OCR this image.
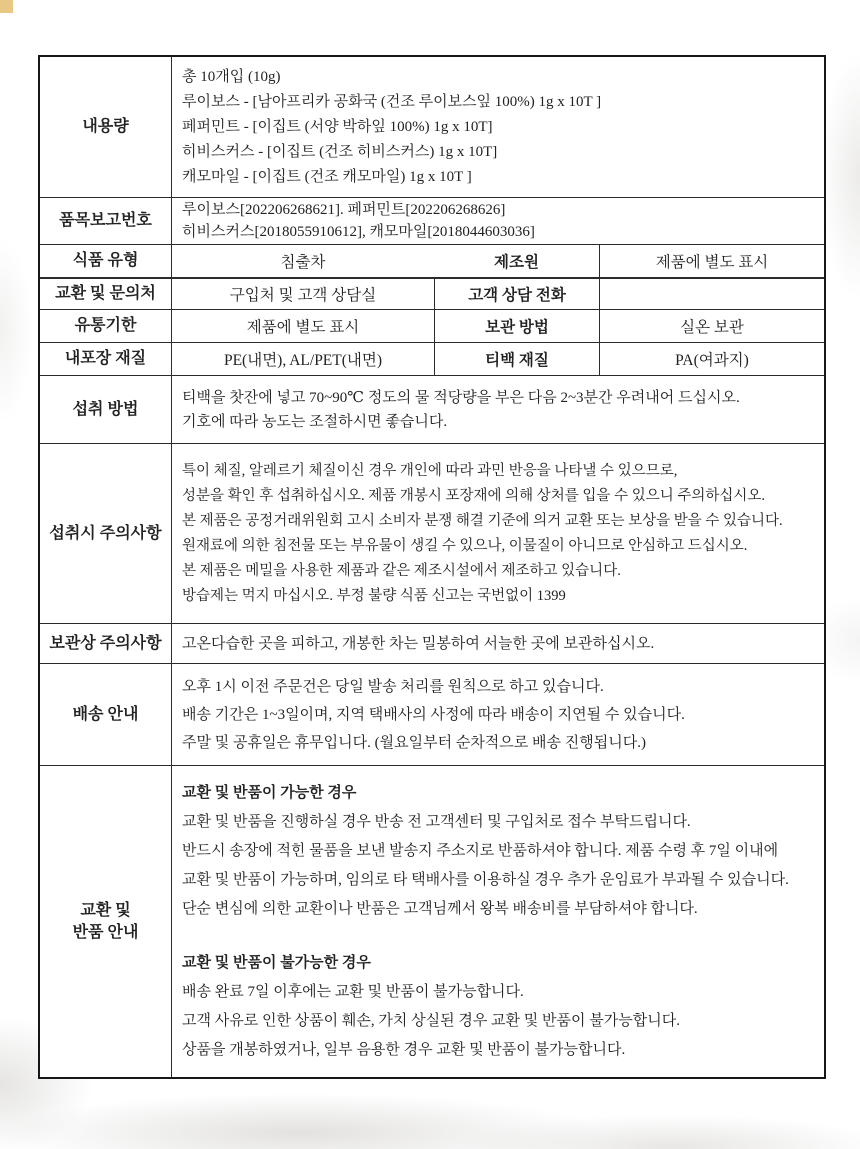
내용량
총 10개입 (10g)
루이보스 - [남아프리카 공화국 (건조 루이보스잎 100%) 1g x 10T ]
페퍼민트 - [이집트 (서양 박하잎 100%) 1g x 10T]
히비스커스 - [이집트 (건조 히비스커스) 1g x 10T]
캐모마일 - [이집트 (건조 캐모마일) 1g x 10T ]
품목보고번호
루이보스[202206268621]. 페퍼민트[202206268626]
히비스커스[2018055910612], 캐모마일[2018044603036]
식품 유형	침출차	제조원	제품에 별도 표시
교환 및 문의처	구입처 및 고객 상담실	고객 상담 전화
유통기한	제품에 별도 표시	보관 방법	실온 보관
내포장 재질	PE(내면), AL/PET(내면)	티백 재질	PA(여과지)
섭취 방법
티백을 찻잔에 넣고 70~90℃ 정도의 물 적당량을 부은 다음 2~3분간 우려내어 드십시오.
기호에 따라 농도는 조절하시면 좋습니다.
섭취시 주의사항
특이 체질, 알레르기 체질이신 경우 개인에 따라 과민 반응을 나타낼 수 있으므로,
성분을 확인 후 섭취하십시오. 제품 개봉시 포장재에 의해 상처를 입을 수 있으니 주의하십시오.
본 제품은 공정거래위원회 고시 소비자 분쟁 해결 기준에 의거 교환 또는 보상을 받을 수 있습니다.
원재료에 의한 침전물 또는 부유물이 생길 수 있으나, 이물질이 아니므로 안심하고 드십시오.
본 제품은 메밀을 사용한 제품과 같은 제조시설에서 제조하고 있습니다.
방습제는 먹지 마십시오. 부정 불량 식품 신고는 국번없이 1399
보관상 주의사항 고온다습한 곳을 피하고, 개봉한 차는 밀봉하여 서늘한 곳에 보관하십시오.
배송 안내
오후 1시 이전 주문건은 당일 발송 처리를 원칙으로 하고 있습니다.
배송 기간은 1~3일이며, 지역 택배사의 사정에 따라 배송이 지연될 수 있습니다.
주말 및 공휴일은 휴무입니다. (월요일부터 순차적으로 배송 진행됩니다.)
교환 및
반품 안내
교환 및 반품이 가능한 경우
교환 및 반품을 진행하실 경우 반송 전 고객센터 및 구입처로 접수 부탁드립니다.
반드시 송장에 적힌 물품을 보낸 발송지 주소지로 반품하셔야 합니다. 제품 수령 후 7일 이내에
교환 및 반품이 가능하며, 임의로 타 택배사를 이용하실 경우 추가 운임료가 부과될 수 있습니다.
단순 변심에 의한 교환이나 반품은 고객님께서 왕복 배송비를 부담하셔야 합니다.
교환 및 반품이 불가능한 경우
배송 완료 7일 이후에는 교환 및 반품이 불가능합니다.
고객 사유로 인한 상품이 훼손, 가치 상실된 경우 교환 및 반품이 불가능합니다.
상품을 개봉하였거나, 일부 음용한 경우 교환 및 반품이 불가능합니다.
